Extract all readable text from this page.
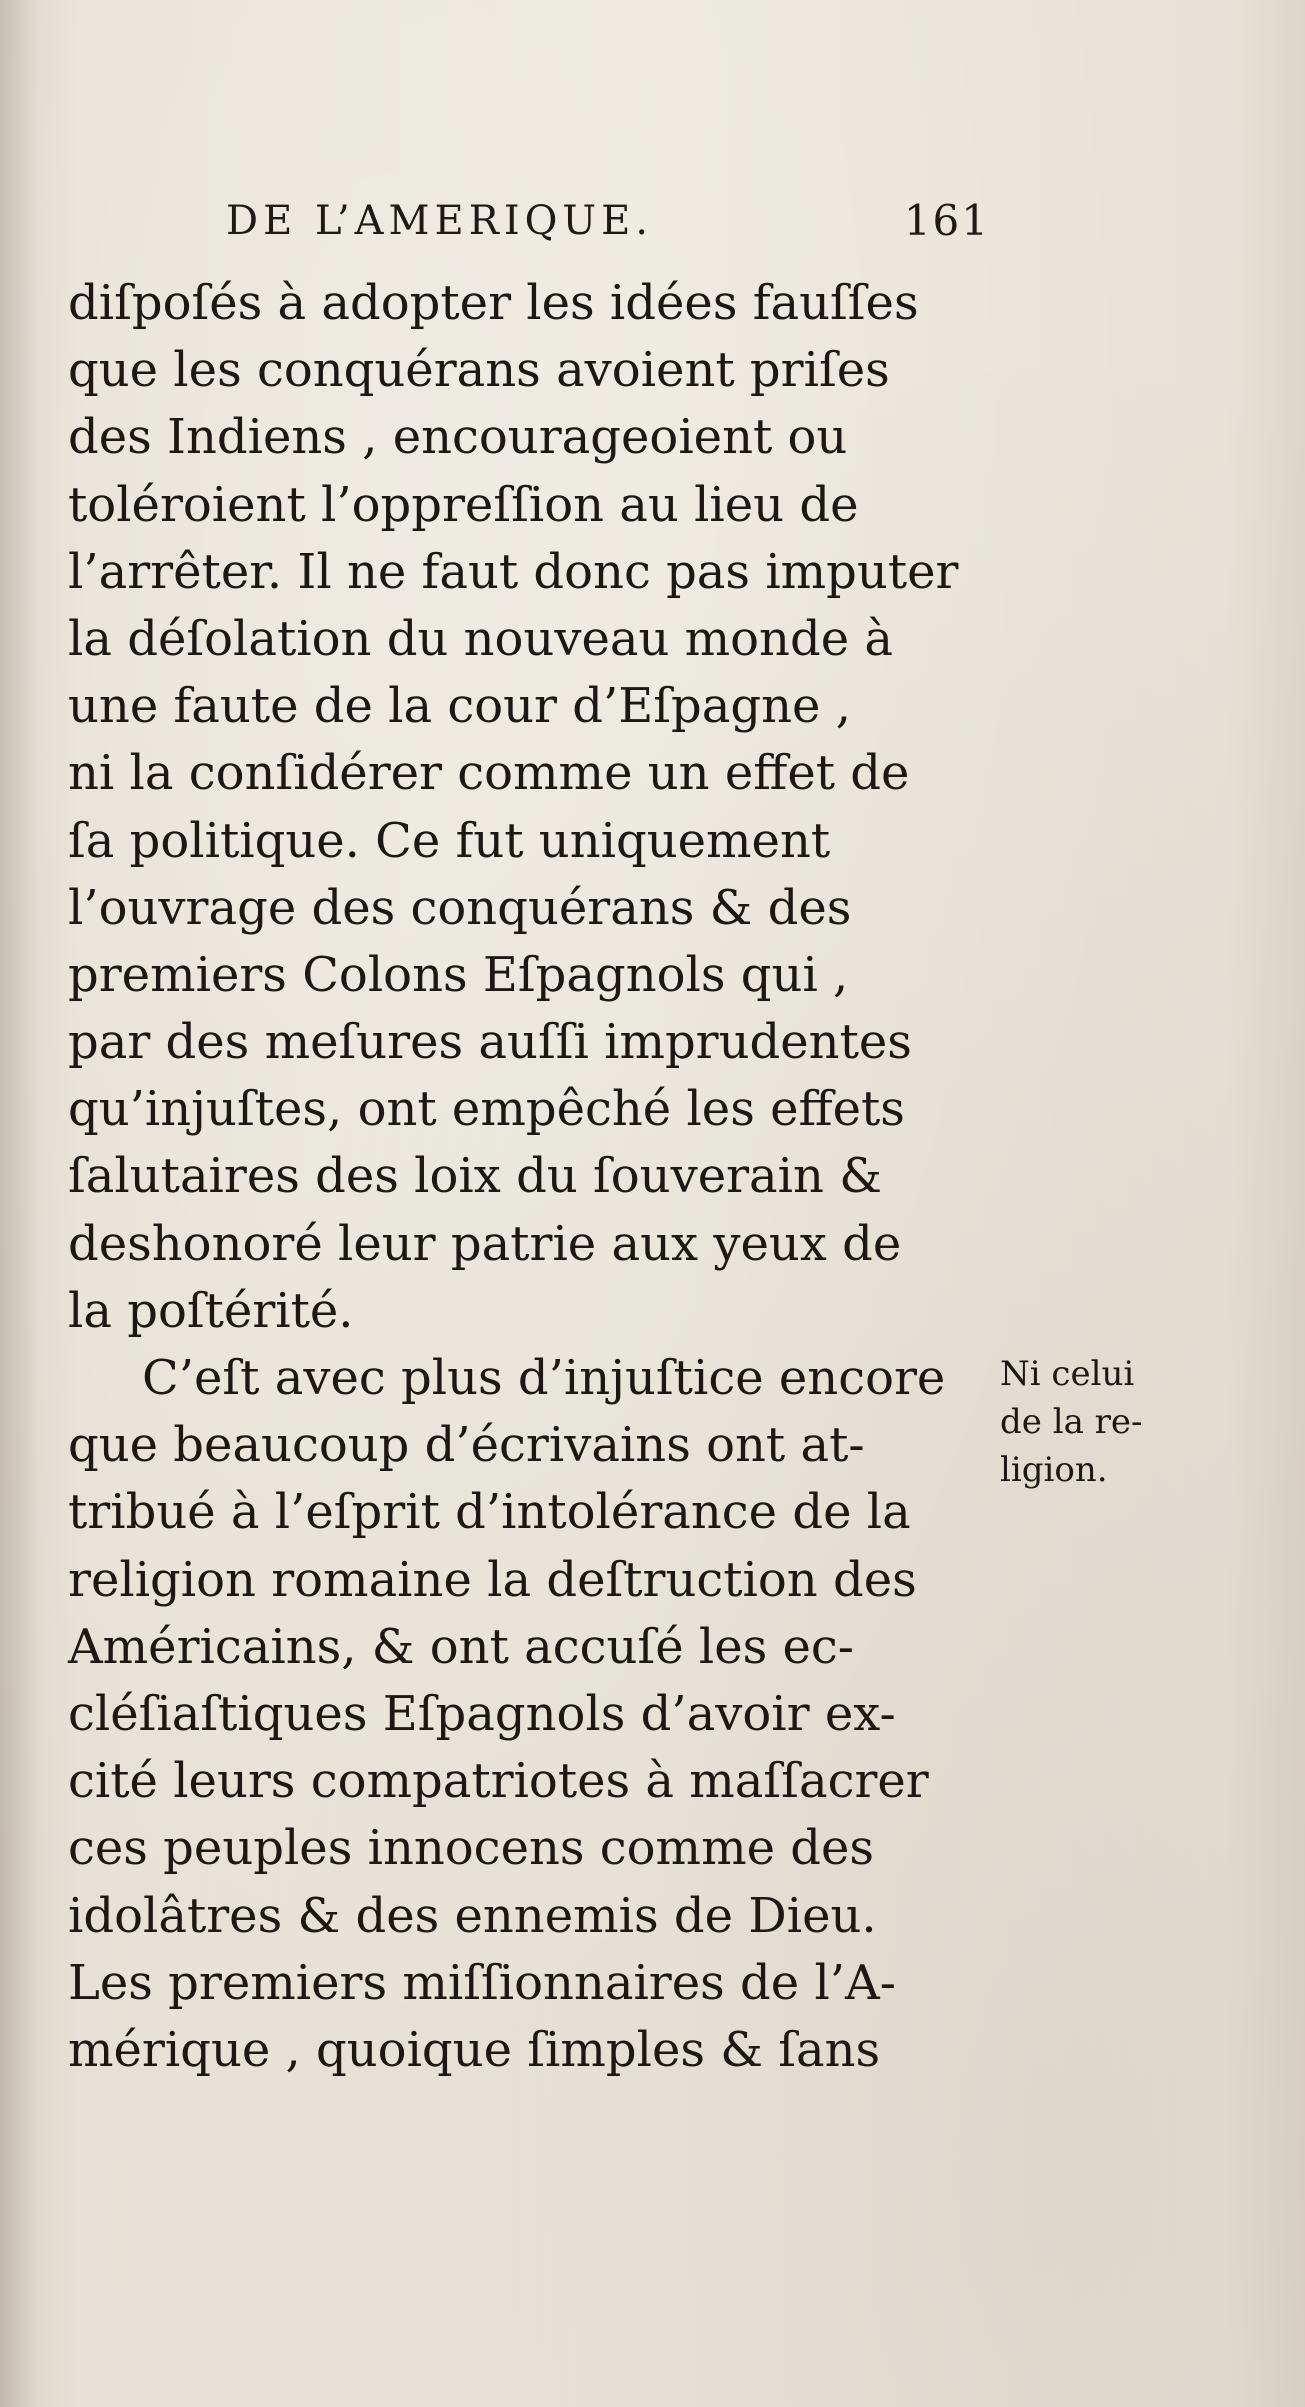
DE L’AMERIQUE.	161
diſpoſés à adopter les idées fauſſes
que les conquérans avoient priſes
des Indiens , encourageoient ou
toléroient l’oppreſſion au lieu de
l’arrêter. Il ne faut donc pas imputer
la déſolation du nouveau monde à
une faute de la cour d’Eſpagne ,
ni la conſidérer comme un effet de
ſa politique. Ce fut uniquement
l’ouvrage des conquérans & des
premiers Colons Eſpagnols qui ,
par des meſures auſſi imprudentes
qu’injuſtes, ont empêché les effets
ſalutaires des loix du ſouverain &
deshonoré leur patrie aux yeux de
la poſtérité.
C’eſt avec plus d’injuſtice encore
que beaucoup d’écrivains ont at-
tribué à l’eſprit d’intolérance de la
religion romaine la deſtruction des
Américains, & ont accuſé les ec-
cléſiaſtiques Eſpagnols d’avoir ex-
cité leurs compatriotes à maſſacrer
ces peuples innocens comme des
idolâtres & des ennemis de Dieu.
Les premiers miſſionnaires de l’A-
mérique , quoique ſimples & ſans
Ni celui
de la re-
ligion.
